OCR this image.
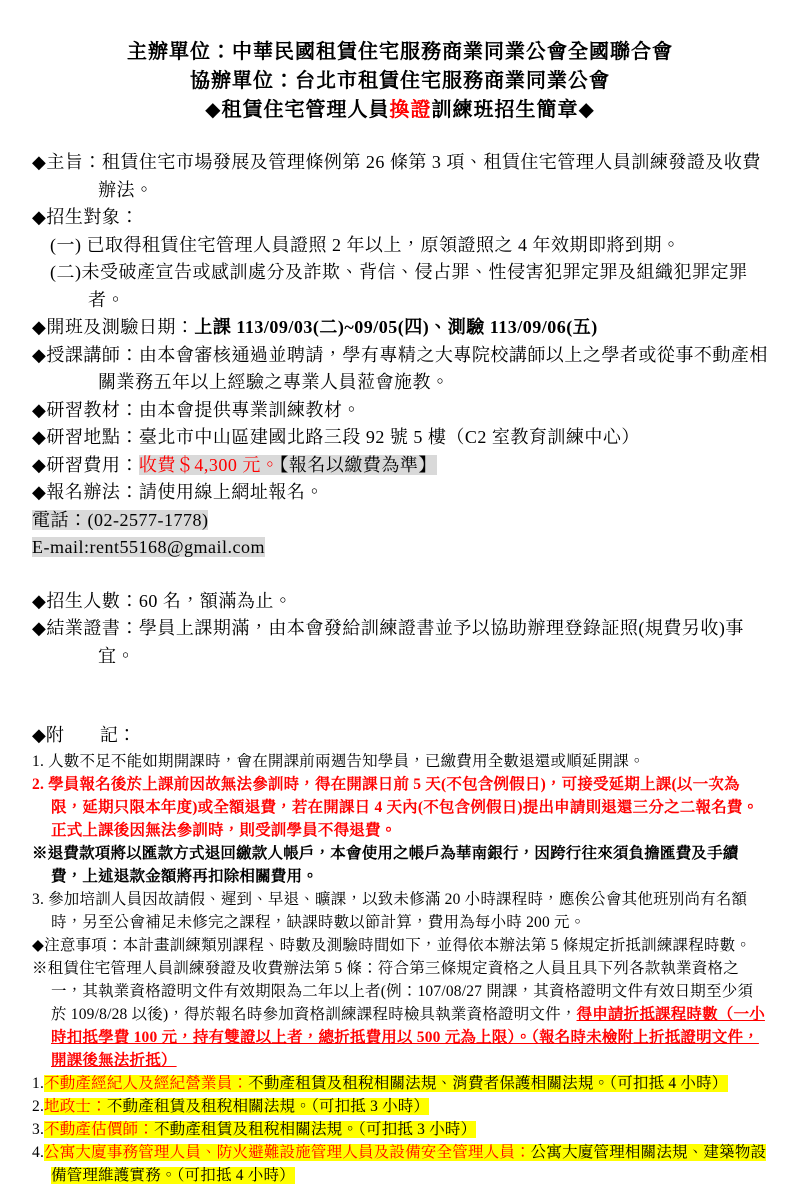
主辦單位：中華民國租賃住宅服務商業同業公會全國聯合會
協辦單位：台北市租賃住宅服務商業同業公會
◆租賃住宅管理人員換證訓練班招生簡章◆
◆主旨：租賃住宅市場發展及管理條例第 26 條第 3 項、租賃住宅管理人員訓練發證及收費辦法。
◆招生對象：
(一) 已取得租賃住宅管理人員證照 2 年以上，原領證照之 4 年效期即將到期。
(二)未受破產宣告或感訓處分及詐欺、背信、侵占罪、性侵害犯罪定罪及組織犯罪定罪者。
◆開班及測驗日期：上課 113/09/03(二)~09/05(四)、測驗 113/09/06(五)
◆授課講師：由本會審核通過並聘請，學有專精之大專院校講師以上之學者或從事不動產相關業務五年以上經驗之專業人員蒞會施教。
◆研習教材：由本會提供專業訓練教材。
◆研習地點：臺北市中山區建國北路三段 92 號 5 樓（C2 室教育訓練中心）
◆研習費用：收費＄4,300 元。【報名以繳費為準】
◆報名辦法：請使用線上網址報名。
電話：(02-2577-1778)
E-mail:rent55168@gmail.com
◆招生人數：60 名，額滿為止。
◆結業證書：學員上課期滿，由本會發給訓練證書並予以協助辦理登錄証照(規費另收)事宜。
◆附　　記：
1. 人數不足不能如期開課時，會在開課前兩週告知學員，已繳費用全數退還或順延開課。
2. 學員報名後於上課前因故無法參訓時，得在開課日前 5 天(不包含例假日)，可接受延期上課(以一次為限，延期只限本年度)或全額退費，若在開課日 4 天內(不包含例假日)提出申請則退還三分之二報名費。正式上課後因無法參訓時，則受訓學員不得退費。
※退費款項將以匯款方式退回繳款人帳戶，本會使用之帳戶為華南銀行，因跨行往來須負擔匯費及手續費，上述退款金額將再扣除相關費用。
3. 參加培訓人員因故請假、遲到、早退、曠課，以致未修滿 20 小時課程時，應俟公會其他班別尚有名額時，另至公會補足未修完之課程，缺課時數以節計算，費用為每小時 200 元。
◆注意事項：本計畫訓練類別課程、時數及測驗時間如下，並得依本辦法第 5 條規定折抵訓練課程時數。
※租賃住宅管理人員訓練發證及收費辦法第 5 條：符合第三條規定資格之人員且具下列各款執業資格之一，其執業資格證明文件有效期限為二年以上者(例：107/08/27 開課，其資格證明文件有效日期至少須於 109/8/28 以後)，得於報名時參加資格訓練課程時檢具執業資格證明文件，得申請折抵課程時數（一小時扣抵學費 100 元，持有雙證以上者，總折抵費用以 500 元為上限）。（報名時未檢附上折抵證明文件，開課後無法折抵）
1.不動產經紀人及經紀營業員：不動產租賃及租稅相關法規、消費者保護相關法規。（可扣抵 4 小時）
2.地政士：不動產租賃及租稅相關法規。（可扣抵 3 小時）
3.不動產估價師：不動產租賃及租稅相關法規。（可扣抵 3 小時）
4.公寓大廈事務管理人員、防火避難設施管理人員及設備安全管理人員：公寓大廈管理相關法規、建築物設備管理維護實務。（可扣抵 4 小時）
